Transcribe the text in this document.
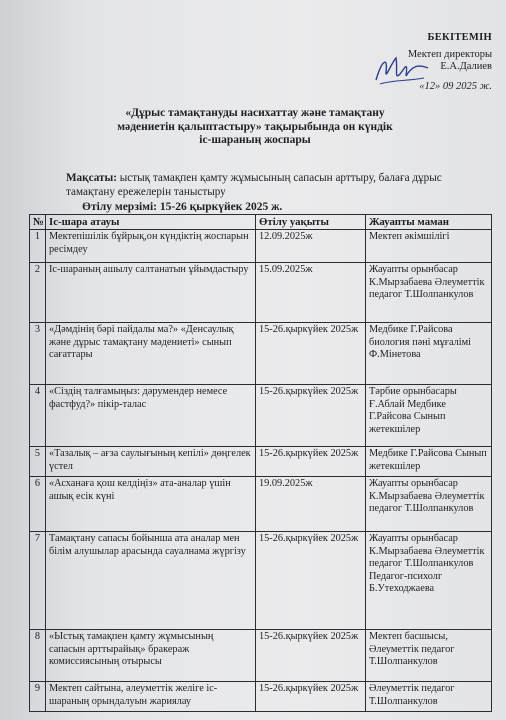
БЕКІТЕМІН
Мектеп директоры
Е.А.Далиев
«12» 09 2025 ж.
«Дұрыс тамақтануды насихаттау және тамақтану
мәдениетін қалыптастыру» тақырыбында он күндік
іс-шараның жоспары
Мақсаты: ыстық тамақпен қамту жұмысының сапасын арттыру, балаға дұрыс тамақтану ережелерін таныстыру
Өтілу мерзімі: 15-26 қыркүйек 2025 ж.
№	Іс-шара атауы	Өтілу уақыты	Жауапты маман
1	Мектепішілік бұйрық,он күндіктің жоспарын ресімдеу	12.09.2025ж	Мектеп әкімшілігі
2	Іс-шараның ашылу салтанатын ұйымдастыру	15.09.2025ж	Жауапты орынбасар К.Мырзабаева Әлеуметтік педагог Т.Шолпанкулов
3	«Дәмдінің бәрі пайдалы ма?» «Денсаулық және дұрыс тамақтану мәдениеті» сынып сағаттары	15-26.қыркүйек 2025ж	Медбике Г.Райсова биология пәні мұғалімі Ф.Мінетова
4	«Сіздің талғамыңыз: дәрумендер немесе фастфуд?» пікір-талас	15-26.қыркүйек 2025ж	Тәрбие орынбасары Ғ.Аблай Медбике Г.Райсова Сынып жетекшілер
5	«Тазалық – ағза саулығының кепілі» дөңгелек үстел	15-26.қыркүйек 2025ж	Медбике Г.Райсова Сынып жетекшілер
6	«Асханаға қош келдіңіз» ата-аналар үшін ашық есік күні	19.09.2025ж	Жауапты орынбасар К.Мырзабаева Әлеуметтік педагог Т.Шолпанкулов
7	Тамақтану сапасы бойынша ата аналар мен білім алушылар арасында сауалнама жүргізу	15-26.қыркүйек 2025ж	Жауапты орынбасар К.Мырзабаева Әлеуметтік педагог Т.Шолпанкулов Педагог-психолг Б.Утеходжаева
8	«Ыстық тамақпен қамту жұмысының сапасын арттырайық» бракераж комиссиясының отырысы	15-26.қыркүйек 2025ж	Мектеп басшысы, Әлеуметтік педагог Т.Шолпанкулов
9	Мектеп сайтына, әлеуметтік желіге іс-шараның орындалуын жариялау	15-26.қыркүйек 2025ж	Әлеуметтік педагог Т.Шолпанкулов
